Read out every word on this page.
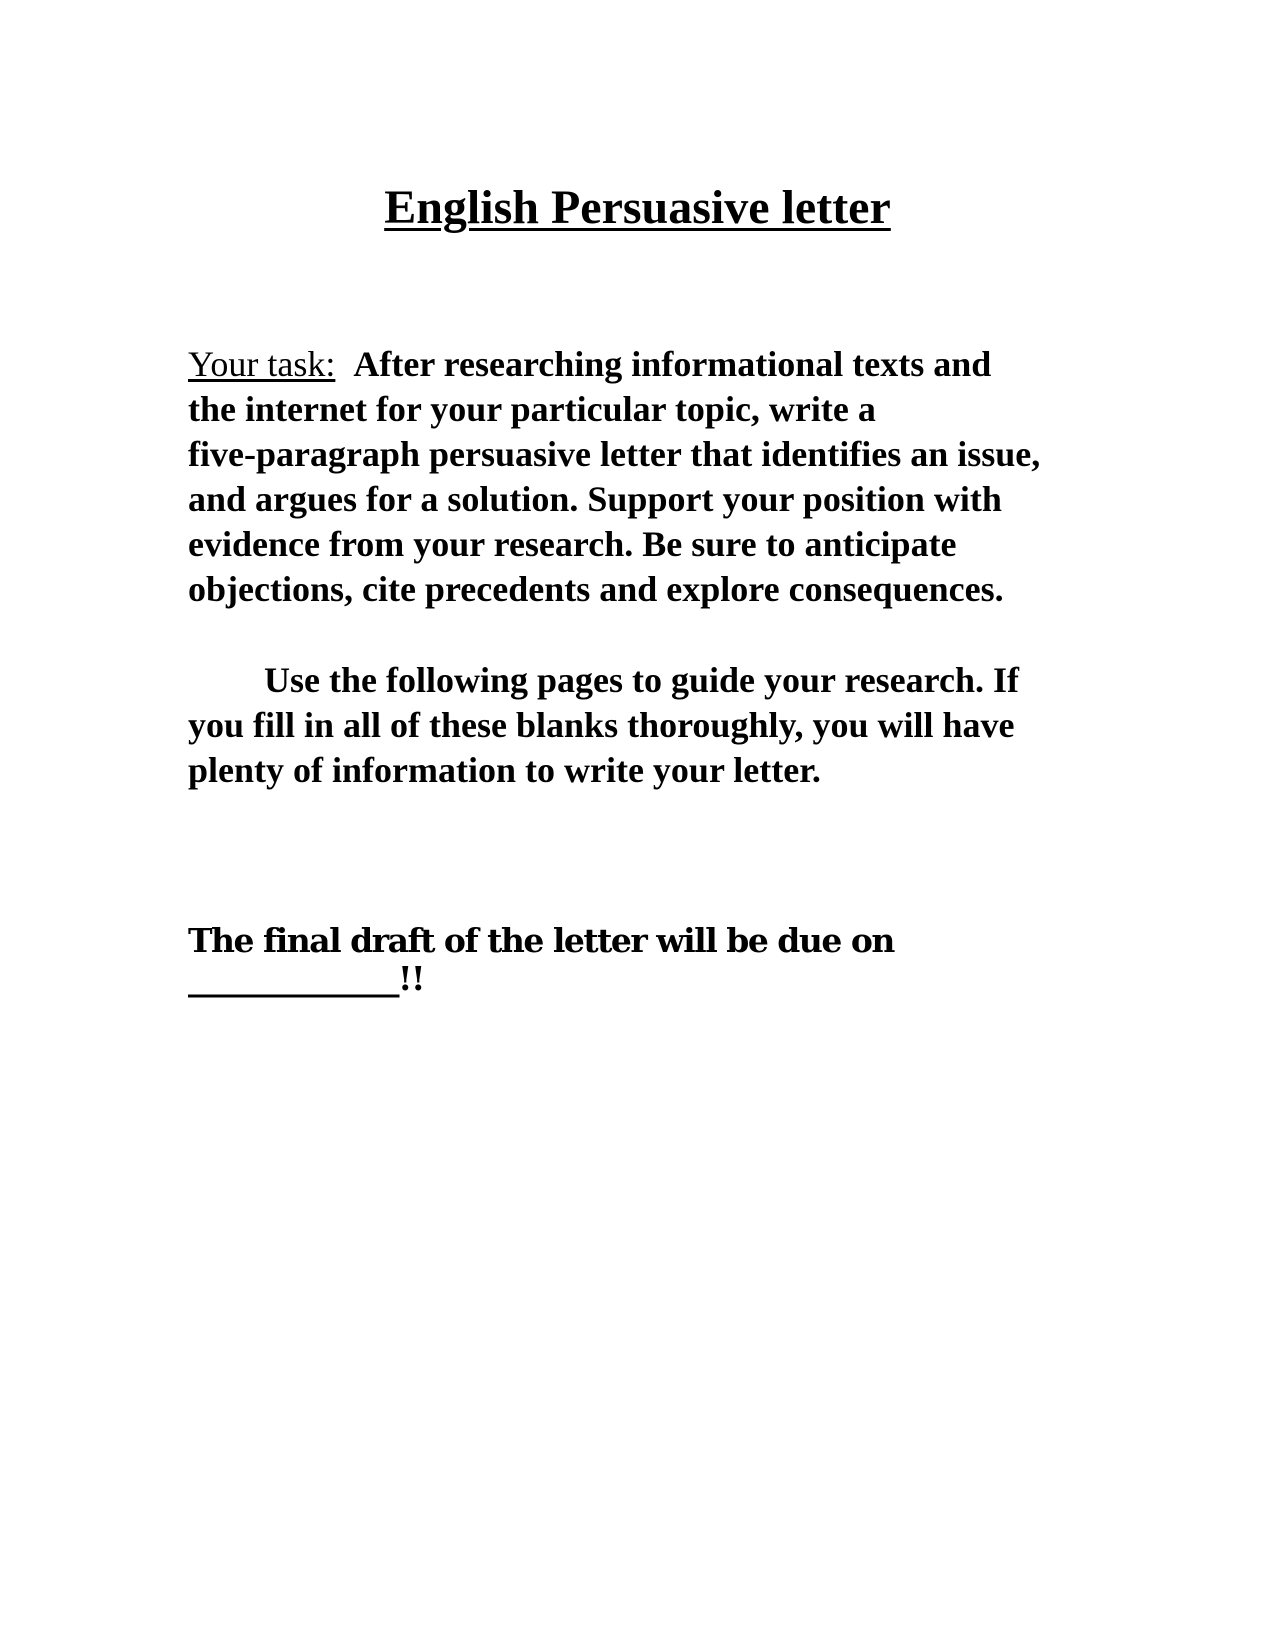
English Persuasive letter
Your task: After researching informational texts and
the internet for your particular topic, write a
five-paragraph persuasive letter that identifies an issue,
and argues for a solution. Support your position with
evidence from your research. Be sure to anticipate
objections, cite precedents and explore consequences.
Use the following pages to guide your research. If
you fill in all of these blanks thoroughly, you will have
plenty of information to write your letter.
The final draft of the letter will be due on
______________!!
